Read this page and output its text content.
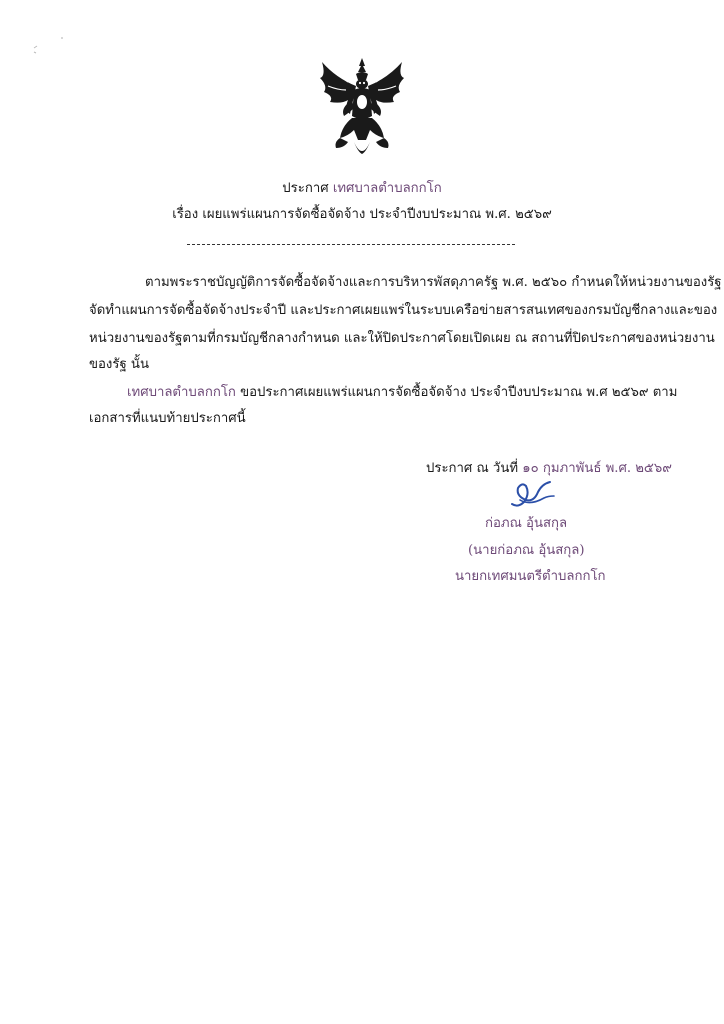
ประกาศ เทศบาลตำบลกกโก
เรื่อง เผยแพร่แผนการจัดซื้อจัดจ้าง ประจำปีงบประมาณ พ.ศ. ๒๕๖๙
ตามพระราชบัญญัติการจัดซื้อจัดจ้างและการบริหารพัสดุภาครัฐ พ.ศ. ๒๕๖๐ กำหนดให้หน่วยงานของรัฐ
จัดทำแผนการจัดซื้อจัดจ้างประจำปี และประกาศเผยแพร่ในระบบเครือข่ายสารสนเทศของกรมบัญชีกลางและของ
หน่วยงานของรัฐตามที่กรมบัญชีกลางกำหนด และให้ปิดประกาศโดยเปิดเผย ณ สถานที่ปิดประกาศของหน่วยงาน
ของรัฐ นั้น
เทศบาลตำบลกกโก ขอประกาศเผยแพร่แผนการจัดซื้อจัดจ้าง ประจำปีงบประมาณ พ.ศ ๒๕๖๙ ตาม
เอกสารที่แนบท้ายประกาศนี้
ประกาศ ณ วันที่ ๑๐ กุมภาพันธ์ พ.ศ. ๒๕๖๙
ก่อภณ อุ้นสกุล
(นายก่อภณ อุ้นสกุล)
นายกเทศมนตรีตำบลกกโก
